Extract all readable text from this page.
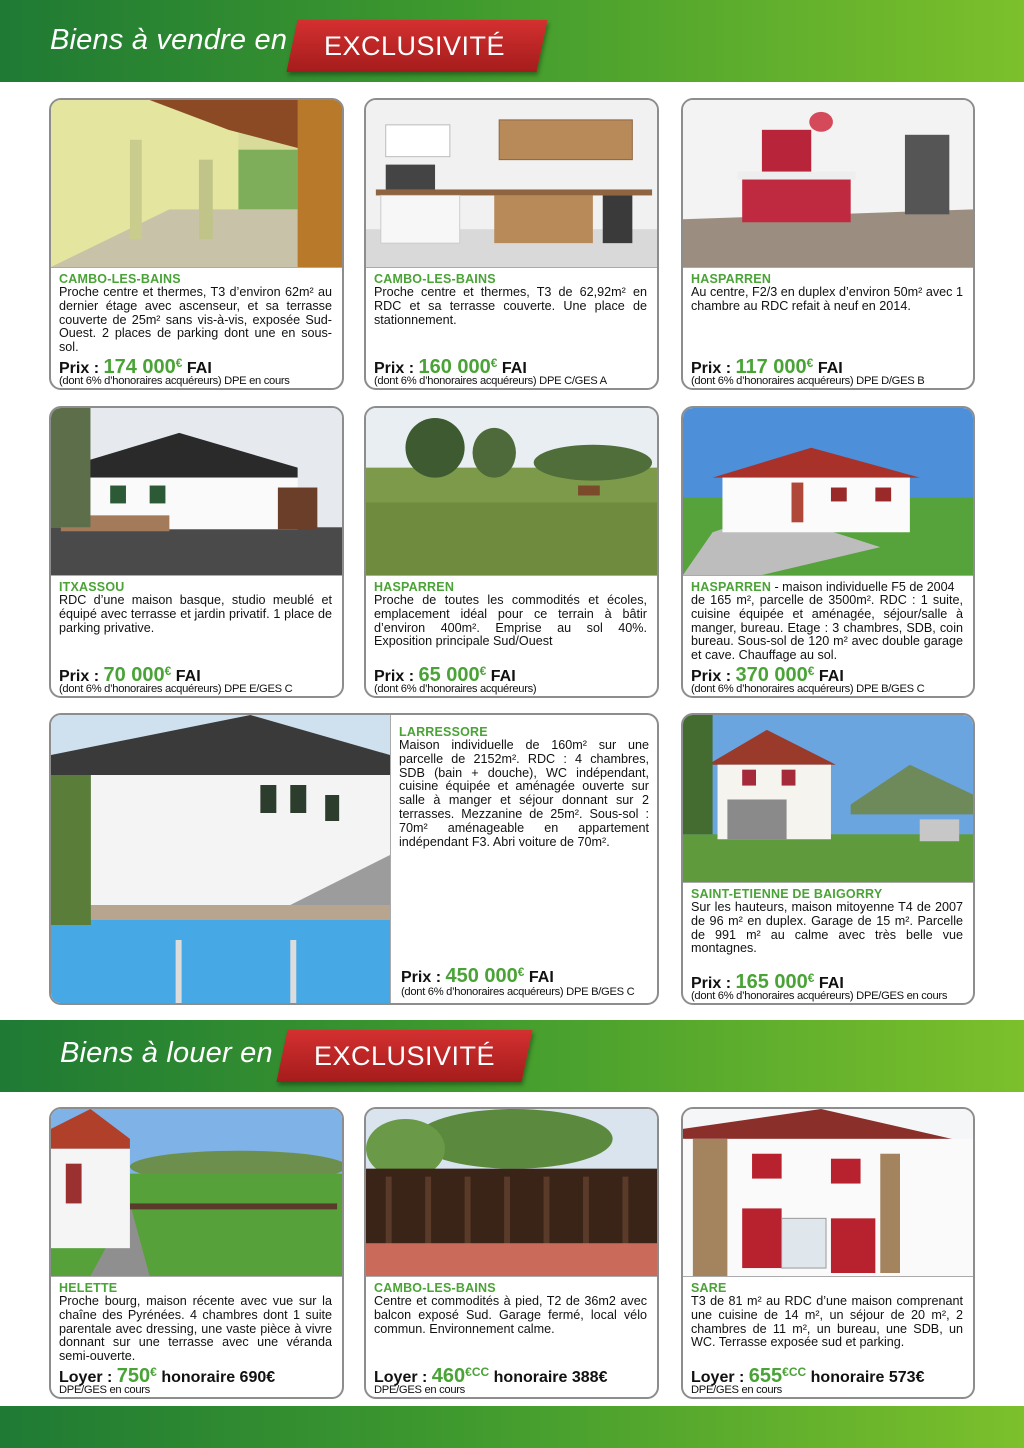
Biens à vendre en	EXCLUSIVITÉ
CAMBO-LES-BAINS
Proche centre et thermes, T3 d’environ 62m² au dernier étage avec ascenseur, et sa terrasse couverte de 25m² sans vis-à-vis, exposée Sud-Ouest. 2 places de parking dont une en sous-sol.
Prix : 174 000€ FAI
(dont 6% d’honoraires acquéreurs) DPE en cours
CAMBO-LES-BAINS
Proche centre et thermes, T3 de 62,92m² en RDC et sa terrasse couverte. Une place de stationnement.
Prix : 160 000€ FAI
(dont 6% d’honoraires acquéreurs) DPE C/GES A
HASPARREN
Au centre, F2/3 en duplex d’environ 50m² avec 1 chambre au RDC refait à neuf en 2014.
Prix : 117 000€ FAI
(dont 6% d’honoraires acquéreurs) DPE D/GES B
ITXASSOU
RDC d’une maison basque, studio meublé et équipé avec terrasse et jardin privatif. 1 place de parking privative.
Prix : 70 000€ FAI
(dont 6% d’honoraires acquéreurs) DPE E/GES C
HASPARREN
Proche de toutes les commodités et écoles, emplacement idéal pour ce terrain à bâtir d’environ 400m². Emprise au sol 40%. Exposition principale Sud/Ouest
Prix : 65 000€ FAI
(dont 6% d’honoraires acquéreurs)
HASPARREN - maison individuelle F5 de 2004
de 165 m², parcelle de 3500m². RDC : 1 suite, cuisine équipée et aménagée, séjour/salle à manger, bureau. Etage : 3 chambres, SDB, coin bureau. Sous-sol de 120 m² avec double garage et cave. Chauffage au sol.
Prix : 370 000€ FAI
(dont 6% d’honoraires acquéreurs) DPE B/GES C
LARRESSORE
Maison individuelle de 160m² sur une parcelle de 2152m². RDC : 4 chambres, SDB (bain + douche), WC indépendant, cuisine équipée et aménagée ouverte sur salle à manger et séjour donnant sur 2 terrasses. Mezzanine de 25m². Sous-sol : 70m² aménageable en appartement indépendant F3. Abri voiture de 70m².
Prix : 450 000€ FAI
(dont 6% d’honoraires acquéreurs) DPE B/GES C
SAINT-ETIENNE DE BAIGORRY
Sur les hauteurs, maison mitoyenne T4 de 2007 de 96 m² en duplex. Garage de 15 m². Parcelle de 991 m² au calme avec très belle vue montagnes.
Prix : 165 000€ FAI
(dont 6% d’honoraires acquéreurs) DPE/GES en cours
Biens à louer en	EXCLUSIVITÉ
HELETTE
Proche bourg, maison récente avec vue sur la chaîne des Pyrénées. 4 chambres dont 1 suite parentale avec dressing, une vaste pièce à vivre donnant sur une terrasse avec une véranda semi-ouverte.
Loyer : 750€ honoraire 690€
DPE/GES en cours
CAMBO-LES-BAINS
Centre et commodités à pied, T2 de 36m2 avec balcon exposé Sud. Garage fermé, local vélo commun. Environnement calme.
Loyer : $460^{€CC}$ honoraire 388€
DPE/GES en cours
SARE
T3 de 81 m² au RDC d’une maison comprenant une cuisine de 14 m², un séjour de 20 m², 2 chambres de 11 m², un bureau, une SDB, un WC. Terrasse exposée sud et parking.
Loyer : $655^{€CC}$ honoraire 573€
DPE/GES en cours
